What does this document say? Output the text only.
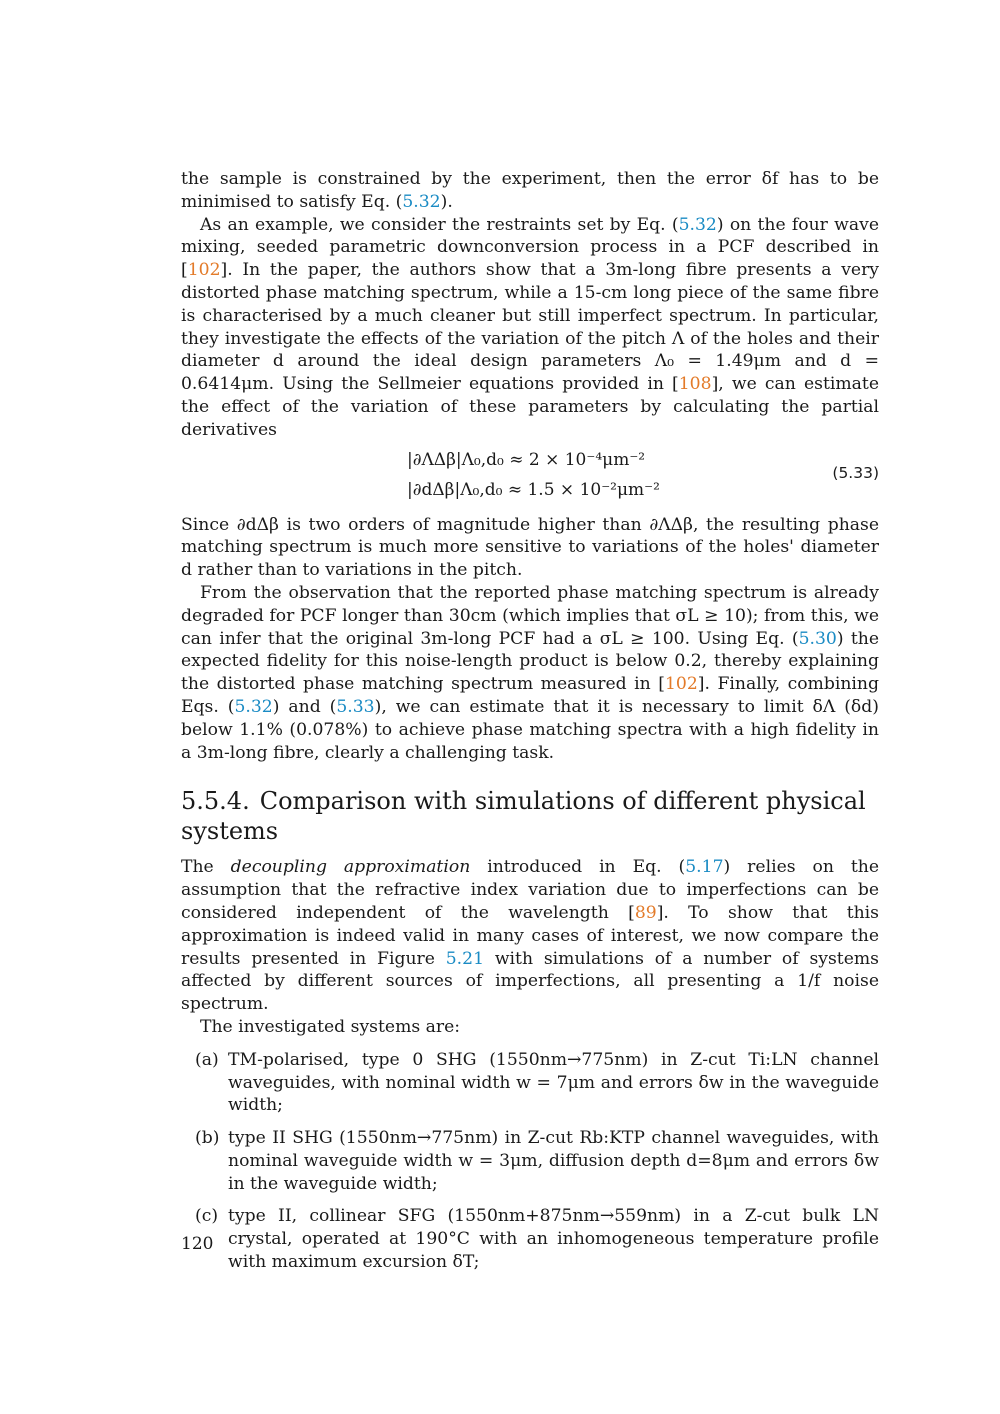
the sample is constrained by the experiment, then the error δf has to be minimised to satisfy Eq. (5.32).

As an example, we consider the restraints set by Eq. (5.32) on the four wave mixing, seeded parametric downconversion process in a PCF described in [102]. In the paper, the authors show that a 3m-long fibre presents a very distorted phase matching spectrum, while a 15-cm long piece of the same fibre is characterised by a much cleaner but still imperfect spectrum. In particular, they investigate the effects of the variation of the pitch Λ of the holes and their diameter d around the ideal design parameters Λ₀ = 1.49μm and d = 0.6414μm. Using the Sellmeier equations provided in [108], we can estimate the effect of the variation of these parameters by calculating the partial derivatives

|∂ΛΔβ|Λ₀,d₀ ≈ 2 × 10⁻⁴μm⁻²
|∂dΔβ|Λ₀,d₀ ≈ 1.5 × 10⁻²μm⁻²
(5.33)

Since ∂dΔβ is two orders of magnitude higher than ∂ΛΔβ, the resulting phase matching spectrum is much more sensitive to variations of the holes' diameter d rather than to variations in the pitch.

From the observation that the reported phase matching spectrum is already degraded for PCF longer than 30cm (which implies that σL ≥ 10); from this, we can infer that the original 3m-long PCF had a σL ≥ 100. Using Eq. (5.30) the expected fidelity for this noise-length product is below 0.2, thereby explaining the distorted phase matching spectrum measured in [102]. Finally, combining Eqs. (5.32) and (5.33), we can estimate that it is necessary to limit δΛ (δd) below 1.1% (0.078%) to achieve phase matching spectra with a high fidelity in a 3m-long fibre, clearly a challenging task.

5.5.4. Comparison with simulations of different physical systems

The decoupling approximation introduced in Eq. (5.17) relies on the assumption that the refractive index variation due to imperfections can be considered independent of the wavelength [89]. To show that this approximation is indeed valid in many cases of interest, we now compare the results presented in Figure 5.21 with simulations of a number of systems affected by different sources of imperfections, all presenting a 1/f noise spectrum.

The investigated systems are:

(a) TM-polarised, type 0 SHG (1550nm→775nm) in Z-cut Ti:LN channel waveguides, with nominal width w = 7μm and errors δw in the waveguide width;
(b) type II SHG (1550nm→775nm) in Z-cut Rb:KTP channel waveguides, with nominal waveguide width w = 3μm, diffusion depth d=8μm and errors δw in the waveguide width;
(c) type II, collinear SFG (1550nm+875nm→559nm) in a Z-cut bulk LN crystal, operated at 190°C with an inhomogeneous temperature profile with maximum excursion δT;
120
